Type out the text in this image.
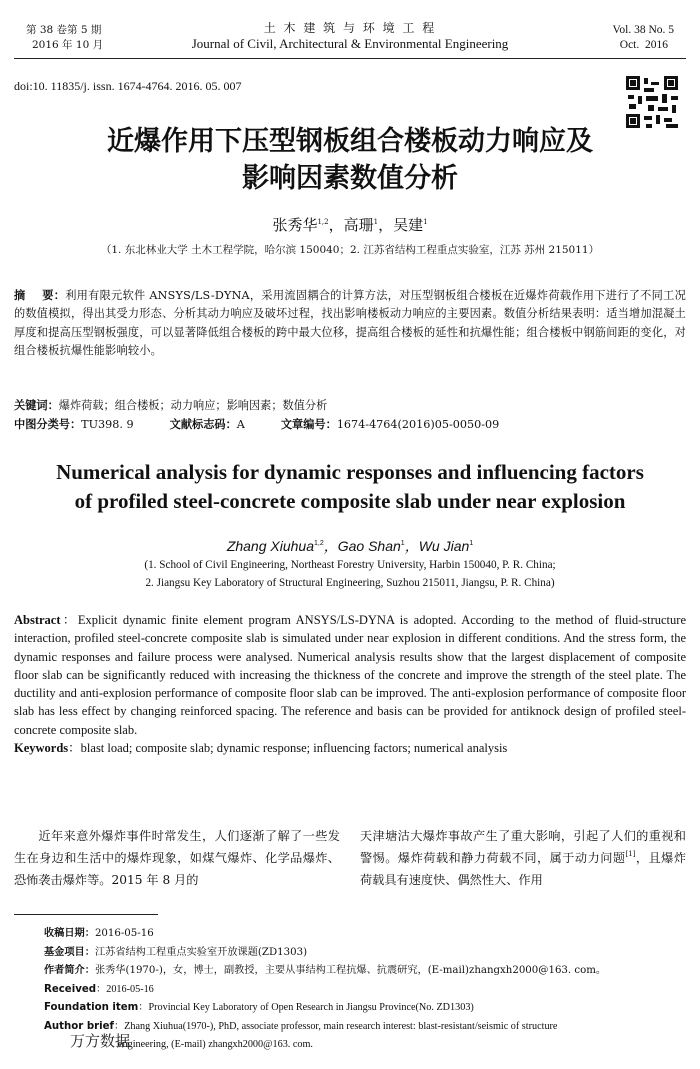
第 38 卷第 5 期
2016 年 10 月
土 木 建 筑 与 环 境 工 程
Journal of Civil, Architectural & Environmental Engineering
Vol. 38 No. 5
Oct.  2016
doi:10. 11835/j. issn. 1674-4764. 2016. 05. 007
近爆作用下压型钢板组合楼板动力响应及
影响因素数值分析
张秀华$^{1,2}$，高珊$^1$，吴建$^1$
（1. 东北林业大学 土木工程学院，哈尔滨 150040；2. 江苏省结构工程重点实验室，江苏 苏州 215011）
摘    要：利用有限元软件 ANSYS/LS-DYNA，采用流固耦合的计算方法，对压型钢板组合楼板在近爆炸荷载作用下进行了不同工况的数值模拟，得出其受力形态、分析其动力响应及破坏过程，找出影响楼板动力响应的主要因素。数值分析结果表明：适当增加混凝土厚度和提高压型钢板强度，可以显著降低组合楼板的跨中最大位移，提高组合楼板的延性和抗爆性能；组合楼板中钢筋间距的变化，对组合楼板抗爆性能影响较小。
关键词：爆炸荷载；组合楼板；动力响应；影响因素；数值分析
中图分类号：TU398. 9	文献标志码：A	文章编号：1674-4764(2016)05-0050-09
Numerical analysis for dynamic responses and influencing factors
of profiled steel-concrete composite slab under near explosion
Zhang Xiuhua$^{1,2}$，Gao Shan$^1$，Wu Jian$^1$
(1. School of Civil Engineering, Northeast Forestry University, Harbin 150040, P. R. China;
2. Jiangsu Key Laboratory of Structural Engineering, Suzhou 215011, Jiangsu, P. R. China)
Abstract：Explicit dynamic finite element program ANSYS/LS-DYNA is adopted. According to the method of fluid-structure interaction, profiled steel-concrete composite slab is simulated under near explosion in different conditions. And the stress form, the dynamic responses and failure process were analysed. Numerical analysis results show that the largest displacement of composite floor slab can be significantly reduced with increasing the thickness of the concrete and improve the strength of the steel plate. The ductility and anti-explosion performance of composite floor slab can be improved. The anti-explosion performance of composite floor slab has less effect by changing reinforced spacing. The reference and basis can be provided for antiknock design of profiled steel-concrete composite slab.
Keywords：blast load; composite slab; dynamic response; influencing factors; numerical analysis
近年来意外爆炸事件时常发生，人们逐渐了解了一些发生在身边和生活中的爆炸现象，如煤气爆炸、化学品爆炸、恐怖袭击爆炸等。2015 年 8 月的
天津塘沽大爆炸事故产生了重大影响，引起了人们的重视和警惕。爆炸荷载和静力荷载不同，属于动力问题[1]，且爆炸荷载具有速度快、偶然性大、作用
收稿日期：2016-05-16
基金项目：江苏省结构工程重点实验室开放课题(ZD1303)
作者简介：张秀华(1970-)，女，博士，副教授，主要从事结构工程抗爆、抗震研究，(E-mail)zhangxh2000@163. com。
Received：2016-05-16
Foundation item：Provincial Key Laboratory of Open Research in Jiangsu Province(No. ZD1303)
Author brief：Zhang Xiuhua(1970-), PhD, associate professor, main research interest: blast-resistant/seismic of structure
engineering, (E-mail) zhangxh2000@163. com.
万方数据
